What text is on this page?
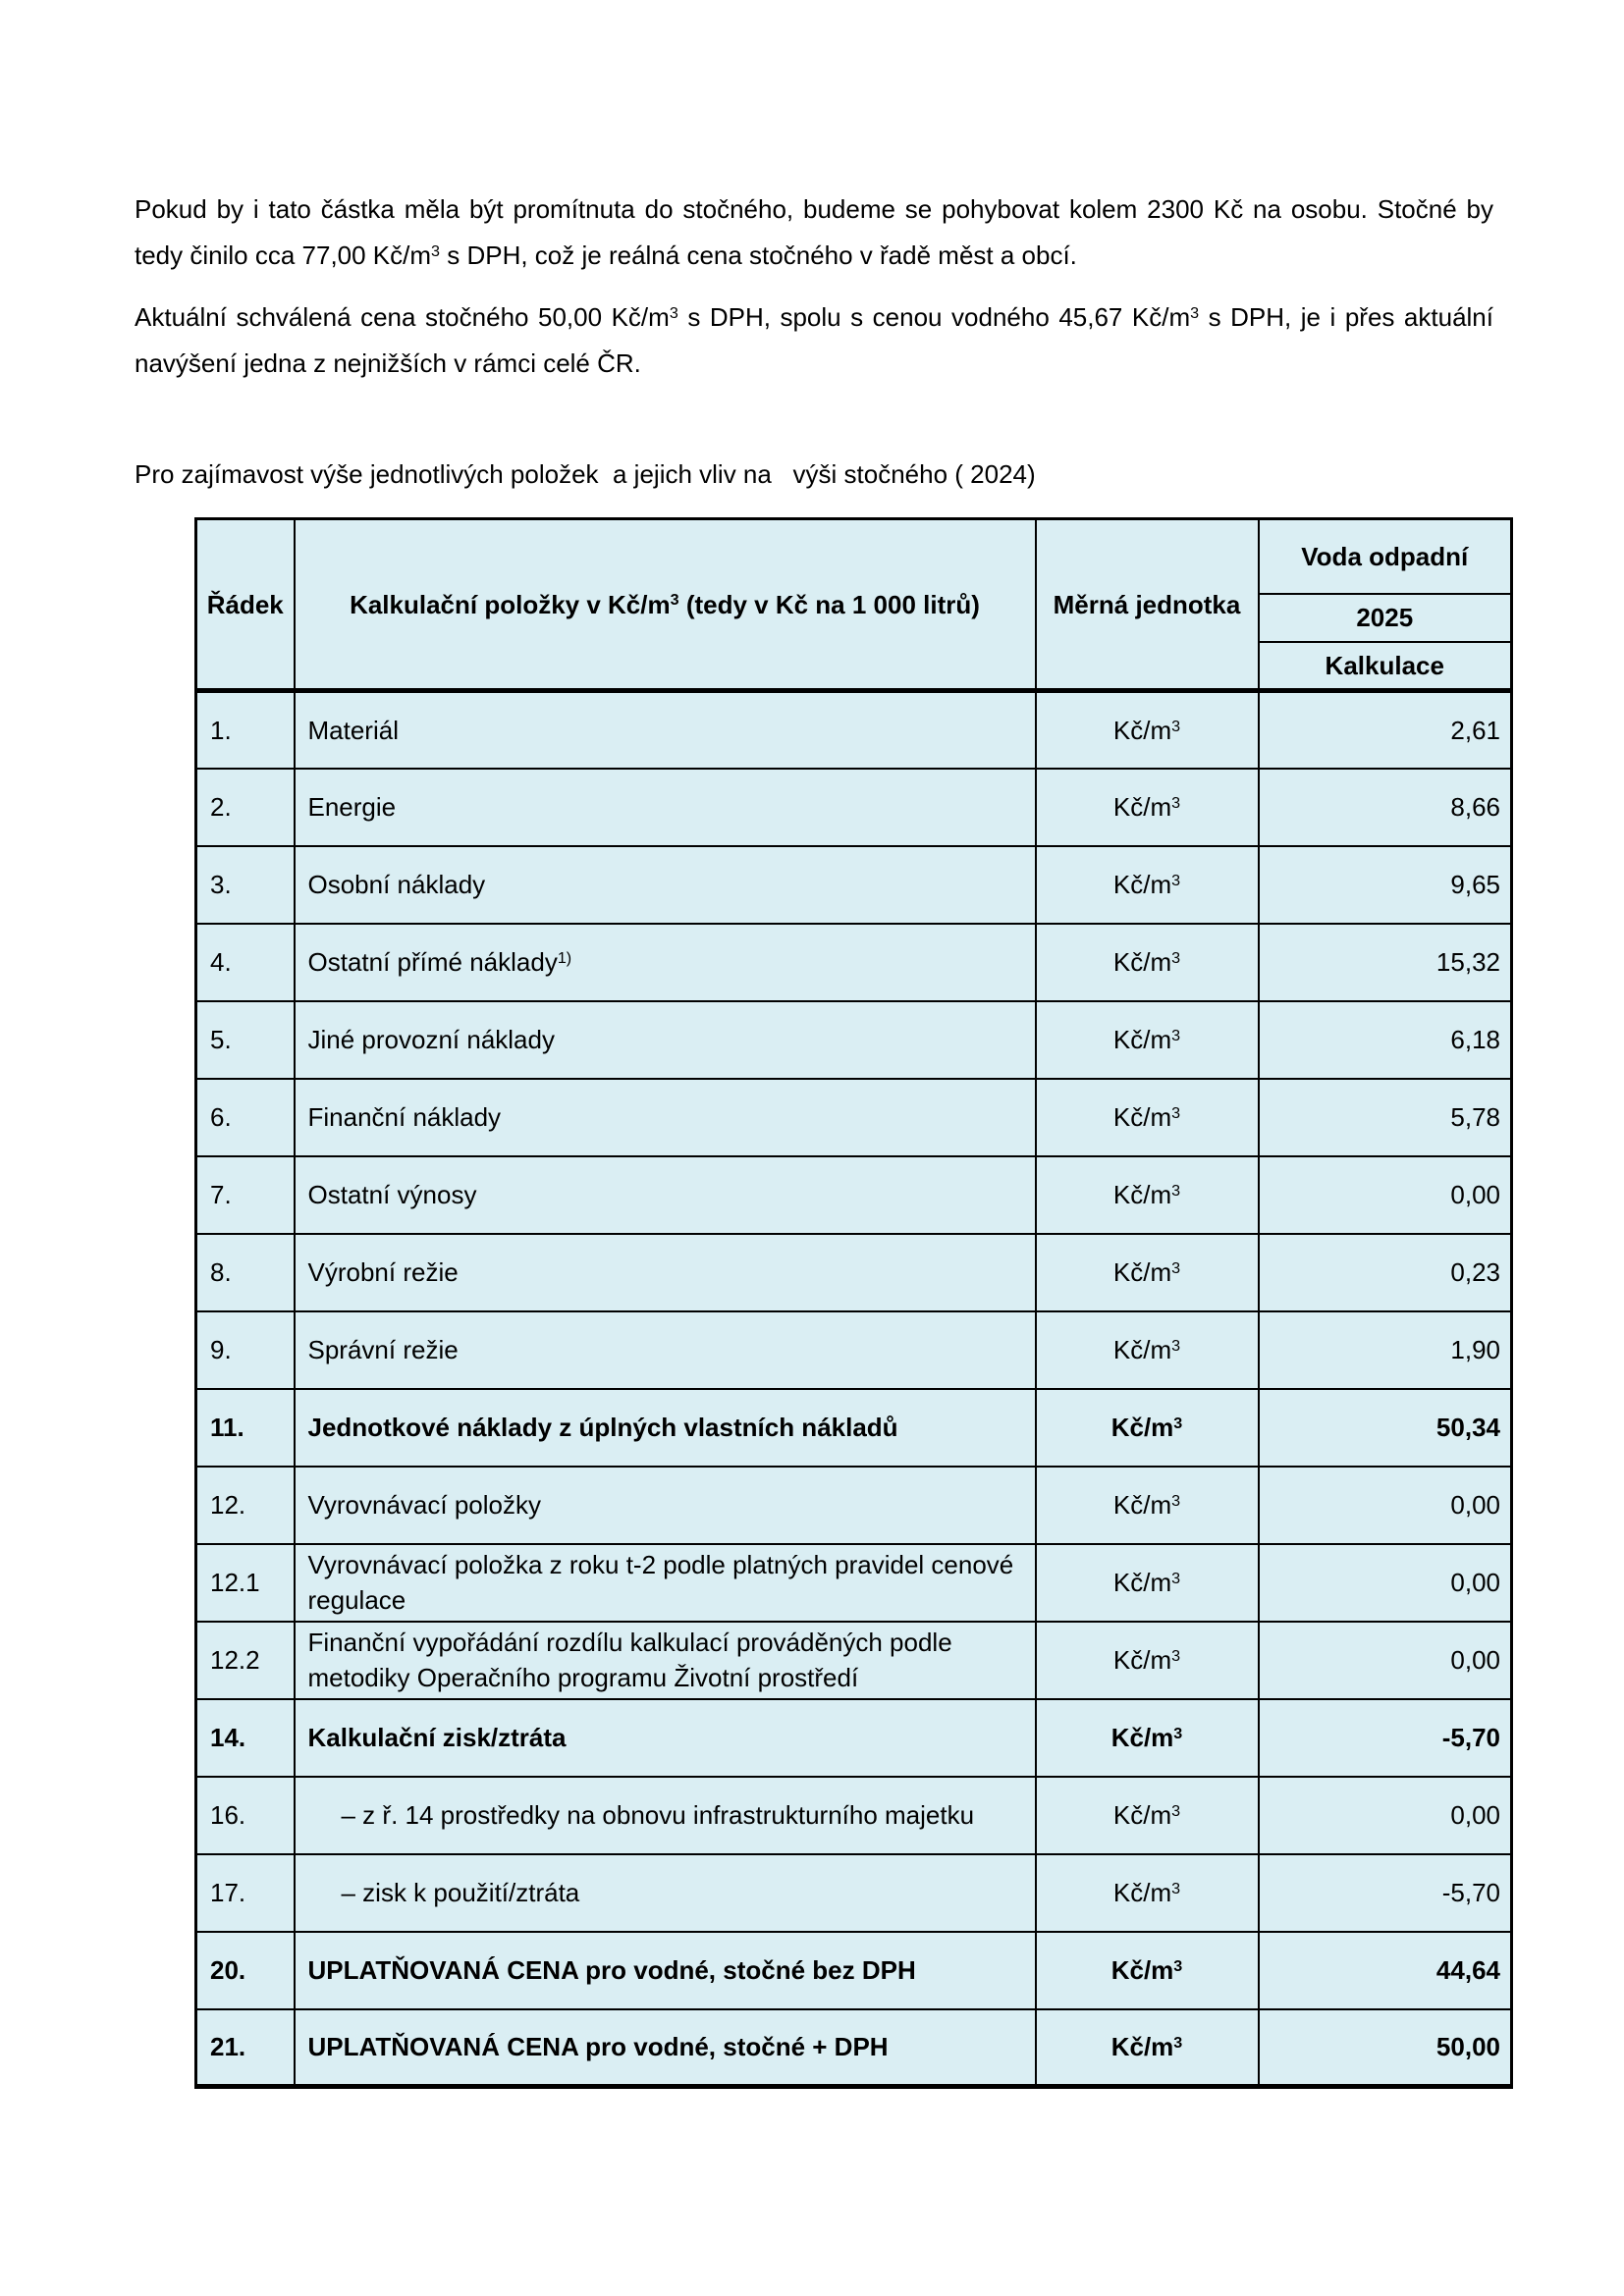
Pokud by i tato částka měla být promítnuta do stočného, budeme se pohybovat kolem 2300 Kč na osobu. Stočné by tedy činilo cca 77,00 $Kč/m^3$ s DPH, což je reálná cena stočného v řadě měst a obcí.

Aktuální schválená cena stočného 50,00 $Kč/m^3$ s DPH, spolu s cenou vodného 45,67 $Kč/m^3$ s DPH, je i přes aktuální navýšení jedna z nejnižších v rámci celé ČR.

Pro zajímavost výše jednotlivých položek  a jejich vliv na   výši stočného ( 2024)

Řádek	Kalkulační položky v $Kč/m^3$ (tedy v Kč na 1 000 litrů)	Měrná jednotka	Voda odpadní
			2025
			Kalkulace
1.	Materiál	$Kč/m^3$	2,61
2.	Energie	$Kč/m^3$	8,66
3.	Osobní náklady	$Kč/m^3$	9,65
4.	Ostatní přímé náklady$^{1)}$	$Kč/m^3$	15,32
5.	Jiné provozní náklady	$Kč/m^3$	6,18
6.	Finanční náklady	$Kč/m^3$	5,78
7.	Ostatní výnosy	$Kč/m^3$	0,00
8.	Výrobní režie	$Kč/m^3$	0,23
9.	Správní režie	$Kč/m^3$	1,90
11.	Jednotkové náklady z úplných vlastních nákladů	$Kč/m^3$	50,34
12.	Vyrovnávací položky	$Kč/m^3$	0,00
12.1	Vyrovnávací položka z roku t-2 podle platných pravidel cenové regulace	$Kč/m^3$	0,00
12.2	Finanční vypořádání rozdílu kalkulací prováděných podle metodiky Operačního programu Životní prostředí	$Kč/m^3$	0,00
14.	Kalkulační zisk/ztráta	$Kč/m^3$	-5,70
16.	– z ř. 14 prostředky na obnovu infrastrukturního majetku	$Kč/m^3$	0,00
17.	– zisk k použití/ztráta	$Kč/m^3$	-5,70
20.	UPLATŇOVANÁ CENA pro vodné, stočné bez DPH	$Kč/m^3$	44,64
21.	UPLATŇOVANÁ CENA pro vodné, stočné + DPH	$Kč/m^3$	50,00
